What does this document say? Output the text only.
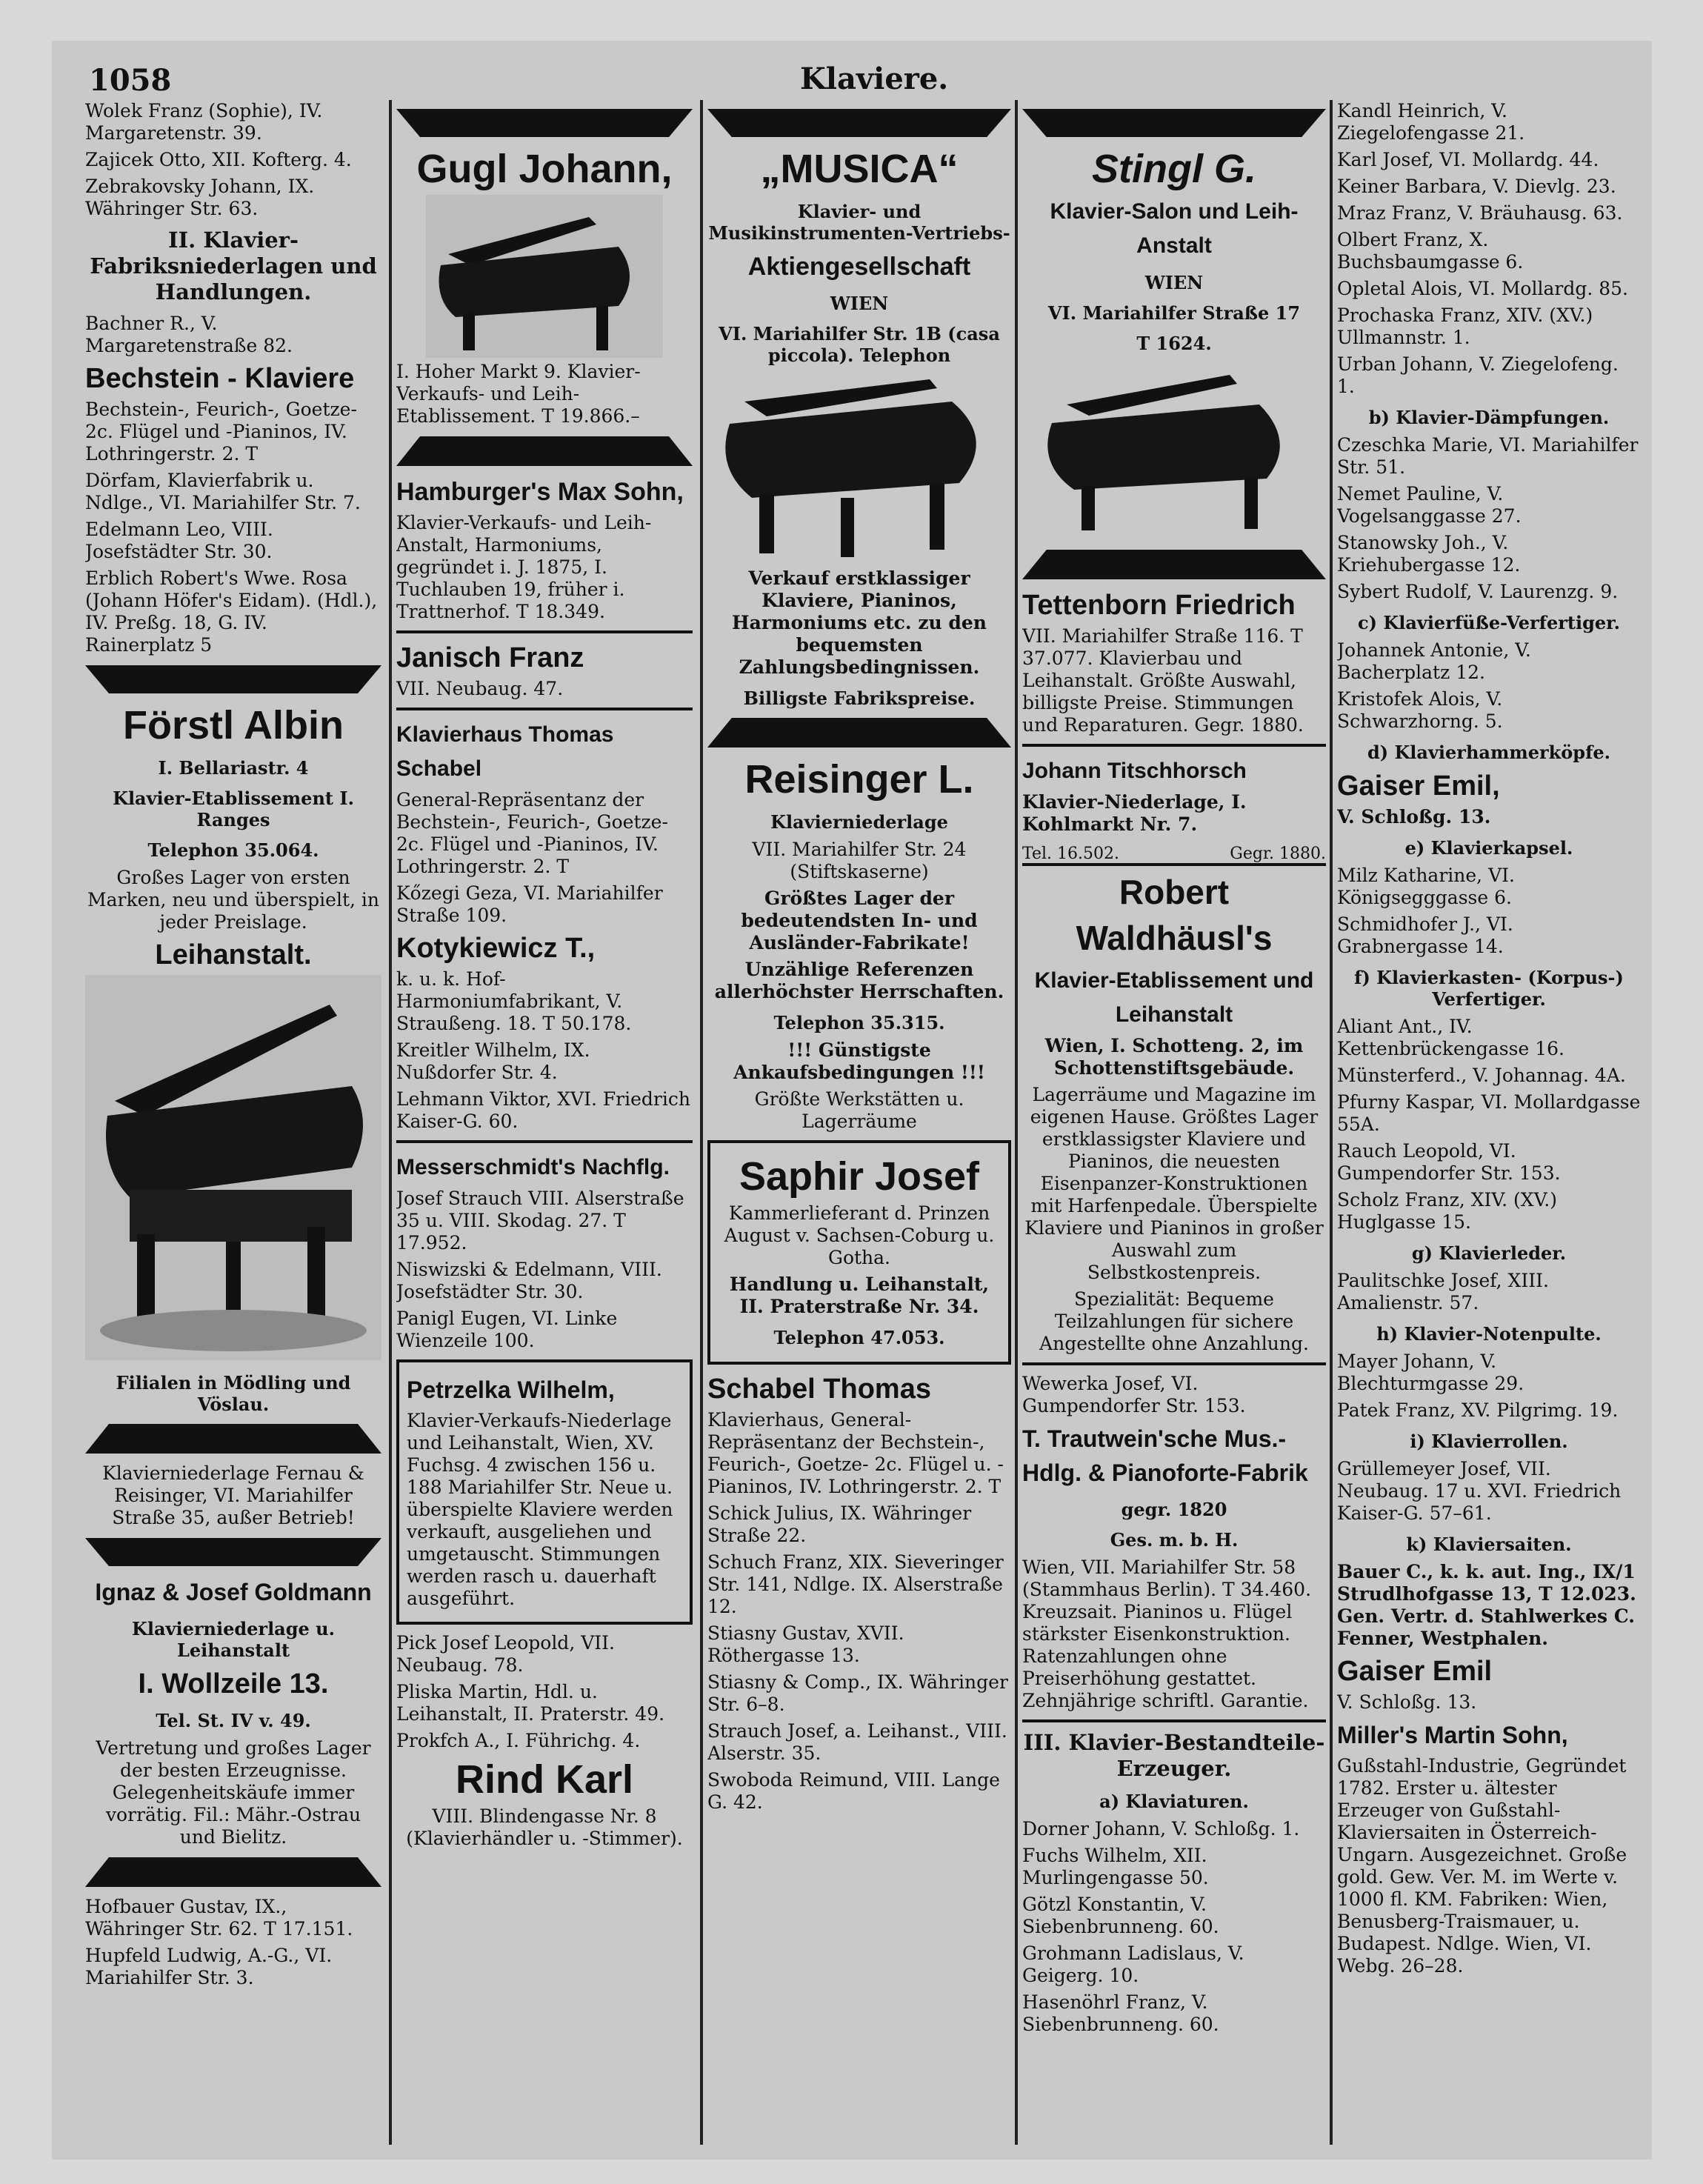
1058	Klaviere.

Wolek Franz (Sophie), IV. Margaretenstr. 39.

Zajicek Otto, XII. Kofterg. 4.

Zebrakovsky Johann, IX. Währinger Str. 63.

II. Klavier-Fabriksniederlagen und Handlungen.

Bachner R., V. Margaretenstraße 82.

Bechstein - Klaviere

Bechstein-, Feurich-, Goetze- 2c. Flügel und -Pianinos, IV. Lothringerstr. 2. T

Dörfam, Klavierfabrik u. Ndlge., VI. Mariahilfer Str. 7.

Edelmann Leo, VIII. Josefstädter Str. 30.

Erblich Robert's Wwe. Rosa (Johann Höfer's Eidam). (Hdl.), IV. Preßg. 18, G. IV. Rainerplatz 5

Förstl Albin
I. Bellariastr. 4
Klavier-Etablissement I. Ranges
Telephon 35.064.

Großes Lager von ersten Marken, neu und überspielt, in jeder Preislage.

Leihanstalt.
Filialen in Mödling und Vöslau.

Klavierniederlage Fernau & Reisinger, VI. Mariahilfer Straße 35, außer Betrieb!

Ignaz & Josef Goldmann
Klavierniederlage u. Leihanstalt
I. Wollzeile 13.
Tel. St. IV v. 49.

Vertretung und großes Lager der besten Erzeugnisse. Gelegenheitskäufe immer vorrätig. Fil.: Mähr.-Ostrau und Bielitz.

Hofbauer Gustav, IX., Währinger Str. 62. T 17.151.

Hupfeld Ludwig, A.-G., VI. Mariahilfer Str. 3.

Gugl Johann,

I. Hoher Markt 9. Klavier-Verkaufs- und Leih-Etablissement. T 19.866.–

Hamburger's Max Sohn,

Klavier-Verkaufs- und Leih-Anstalt, Harmoniums, gegründet i. J. 1875, I. Tuchlauben 19, früher i. Trattnerhof. T 18.349.

Janisch Franz

VII. Neubaug. 47.

Klavierhaus Thomas Schabel

General-Repräsentanz der Bechstein-, Feurich-, Goetze- 2c. Flügel und -Pianinos, IV. Lothringerstr. 2. T

Kőzegi Geza, VI. Mariahilfer Straße 109.

Kotykiewicz T.,

k. u. k. Hof-Harmoniumfabrikant, V. Straußeng. 18. T 50.178.

Kreitler Wilhelm, IX. Nußdorfer Str. 4.

Lehmann Viktor, XVI. Friedrich Kaiser-G. 60.

Messerschmidt's Nachflg.

Josef Strauch VIII. Alserstraße 35 u. VIII. Skodag. 27. T 17.952.

Niswizski & Edelmann, VIII. Josefstädter Str. 30.

Panigl Eugen, VI. Linke Wienzeile 100.

Petrzelka Wilhelm,

Klavier-Verkaufs-Niederlage und Leihanstalt, Wien, XV. Fuchsg. 4 zwischen 156 u. 188 Mariahilfer Str. Neue u. überspielte Klaviere werden verkauft, ausgeliehen und umgetauscht. Stimmungen werden rasch u. dauerhaft ausgeführt.

Pick Josef Leopold, VII. Neubaug. 78.

Pliska Martin, Hdl. u. Leihanstalt, II. Praterstr. 49.

Prokfch A., I. Führichg. 4.

Rind Karl

VIII. Blindengasse Nr. 8 (Klavierhändler u. -Stimmer).

„MUSICA“
Klavier- und Musikinstrumenten-Vertriebs-
Aktiengesellschaft
WIEN
VI. Mariahilfer Str. 1B (casa piccola). Telephon

Verkauf erstklassiger Klaviere, Pianinos, Harmoniums etc. zu den bequemsten Zahlungsbedingnissen.

Billigste Fabrikspreise.
Reisinger L.
Klavierniederlage

VII. Mariahilfer Str. 24 (Stiftskaserne)

Größtes Lager der bedeutendsten In- und Ausländer-Fabrikate!

Unzählige Referenzen allerhöchster Herrschaften.

Telephon 35.315.

!!! Günstigste Ankaufsbedingungen !!!

Größte Werkstätten u. Lagerräume

Saphir Josef

Kammerlieferant d. Prinzen August v. Sachsen-Coburg u. Gotha.

Handlung u. Leihanstalt, II. Praterstraße Nr. 34.

Telephon 47.053.
Schabel Thomas

Klavierhaus, General-Repräsentanz der Bechstein-, Feurich-, Goetze- 2c. Flügel u. -Pianinos, IV. Lothringerstr. 2. T

Schick Julius, IX. Währinger Straße 22.

Schuch Franz, XIX. Sieveringer Str. 141, Ndlge. IX. Alserstraße 12.

Stiasny Gustav, XVII. Röthergasse 13.

Stiasny & Comp., IX. Währinger Str. 6–8.

Strauch Josef, a. Leihanst., VIII. Alserstr. 35.

Swoboda Reimund, VIII. Lange G. 42.

Stingl G.
Klavier-Salon und Leih-Anstalt
WIEN
VI. Mariahilfer Straße 17
T 1624.
Tettenborn Friedrich

VII. Mariahilfer Straße 116. T 37.077. Klavierbau und Leihanstalt. Größte Auswahl, billigste Preise. Stimmungen und Reparaturen. Gegr. 1880.

Johann Titschhorsch

Klavier-Niederlage, I. Kohlmarkt Nr. 7.

Tel. 16.502.	Gegr. 1880.
Robert Waldhäusl's
Klavier-Etablissement und Leihanstalt

Wien, I. Schotteng. 2, im Schottenstiftsgebäude.

Lagerräume und Magazine im eigenen Hause. Größtes Lager erstklassigster Klaviere und Pianinos, die neuesten Eisenpanzer-Konstruktionen mit Harfenpedale. Überspielte Klaviere und Pianinos in großer Auswahl zum Selbstkostenpreis.

Spezialität: Bequeme Teilzahlungen für sichere Angestellte ohne Anzahlung.

Wewerka Josef, VI. Gumpendorfer Str. 153.

T. Trautwein'sche Mus.-Hdlg. & Pianoforte-Fabrik
gegr. 1820
Ges. m. b. H.

Wien, VII. Mariahilfer Str. 58 (Stammhaus Berlin). T 34.460. Kreuzsait. Pianinos u. Flügel stärkster Eisenkonstruktion. Ratenzahlungen ohne Preiserhöhung gestattet. Zehnjährige schriftl. Garantie.

III. Klavier-Bestandteile-Erzeuger.
a) Klaviaturen.

Dorner Johann, V. Schloßg. 1.

Fuchs Wilhelm, XII. Murlingengasse 50.

Götzl Konstantin, V. Siebenbrunneng. 60.

Grohmann Ladislaus, V. Geigerg. 10.

Hasenöhrl Franz, V. Siebenbrunneng. 60.

Kandl Heinrich, V. Ziegelofengasse 21.

Karl Josef, VI. Mollardg. 44.

Keiner Barbara, V. Dievlg. 23.

Mraz Franz, V. Bräuhausg. 63.

Olbert Franz, X. Buchsbaumgasse 6.

Opletal Alois, VI. Mollardg. 85.

Prochaska Franz, XIV. (XV.) Ullmannstr. 1.

Urban Johann, V. Ziegelofeng. 1.

b) Klavier-Dämpfungen.

Czeschka Marie, VI. Mariahilfer Str. 51.

Nemet Pauline, V. Vogelsanggasse 27.

Stanowsky Joh., V. Kriehubergasse 12.

Sybert Rudolf, V. Laurenzg. 9.

c) Klavierfüße-Verfertiger.

Johannek Antonie, V. Bacherplatz 12.

Kristofek Alois, V. Schwarzhorng. 5.

d) Klavierhammerköpfe.
Gaiser Emil,

V. Schloßg. 13.

e) Klavierkapsel.

Milz Katharine, VI. Königsegggasse 6.

Schmidhofer J., VI. Grabnergasse 14.

f) Klavierkasten- (Korpus-) Verfertiger.

Aliant Ant., IV. Kettenbrückengasse 16.

Münsterferd., V. Johannag. 4A.

Pfurny Kaspar, VI. Mollardgasse 55A.

Rauch Leopold, VI. Gumpendorfer Str. 153.

Scholz Franz, XIV. (XV.) Huglgasse 15.

g) Klavierleder.

Paulitschke Josef, XIII. Amalienstr. 57.

h) Klavier-Notenpulte.

Mayer Johann, V. Blechturmgasse 29.

Patek Franz, XV. Pilgrimg. 19.

i) Klavierrollen.

Grüllemeyer Josef, VII. Neubaug. 17 u. XVI. Friedrich Kaiser-G. 57–61.

k) Klaviersaiten.

Bauer C., k. k. aut. Ing., IX/1 Strudlhofgasse 13, T 12.023. Gen. Vertr. d. Stahlwerkes C. Fenner, Westphalen.

Gaiser Emil

V. Schloßg. 13.

Miller's Martin Sohn,

Gußstahl-Industrie, Gegründet 1782. Erster u. ältester Erzeuger von Gußstahl-Klaviersaiten in Österreich-Ungarn. Ausgezeichnet. Große gold. Gew. Ver. M. im Werte v. 1000 fl. KM. Fabriken: Wien, Benusberg-Traismauer, u. Budapest. Ndlge. Wien, VI. Webg. 26–28.
